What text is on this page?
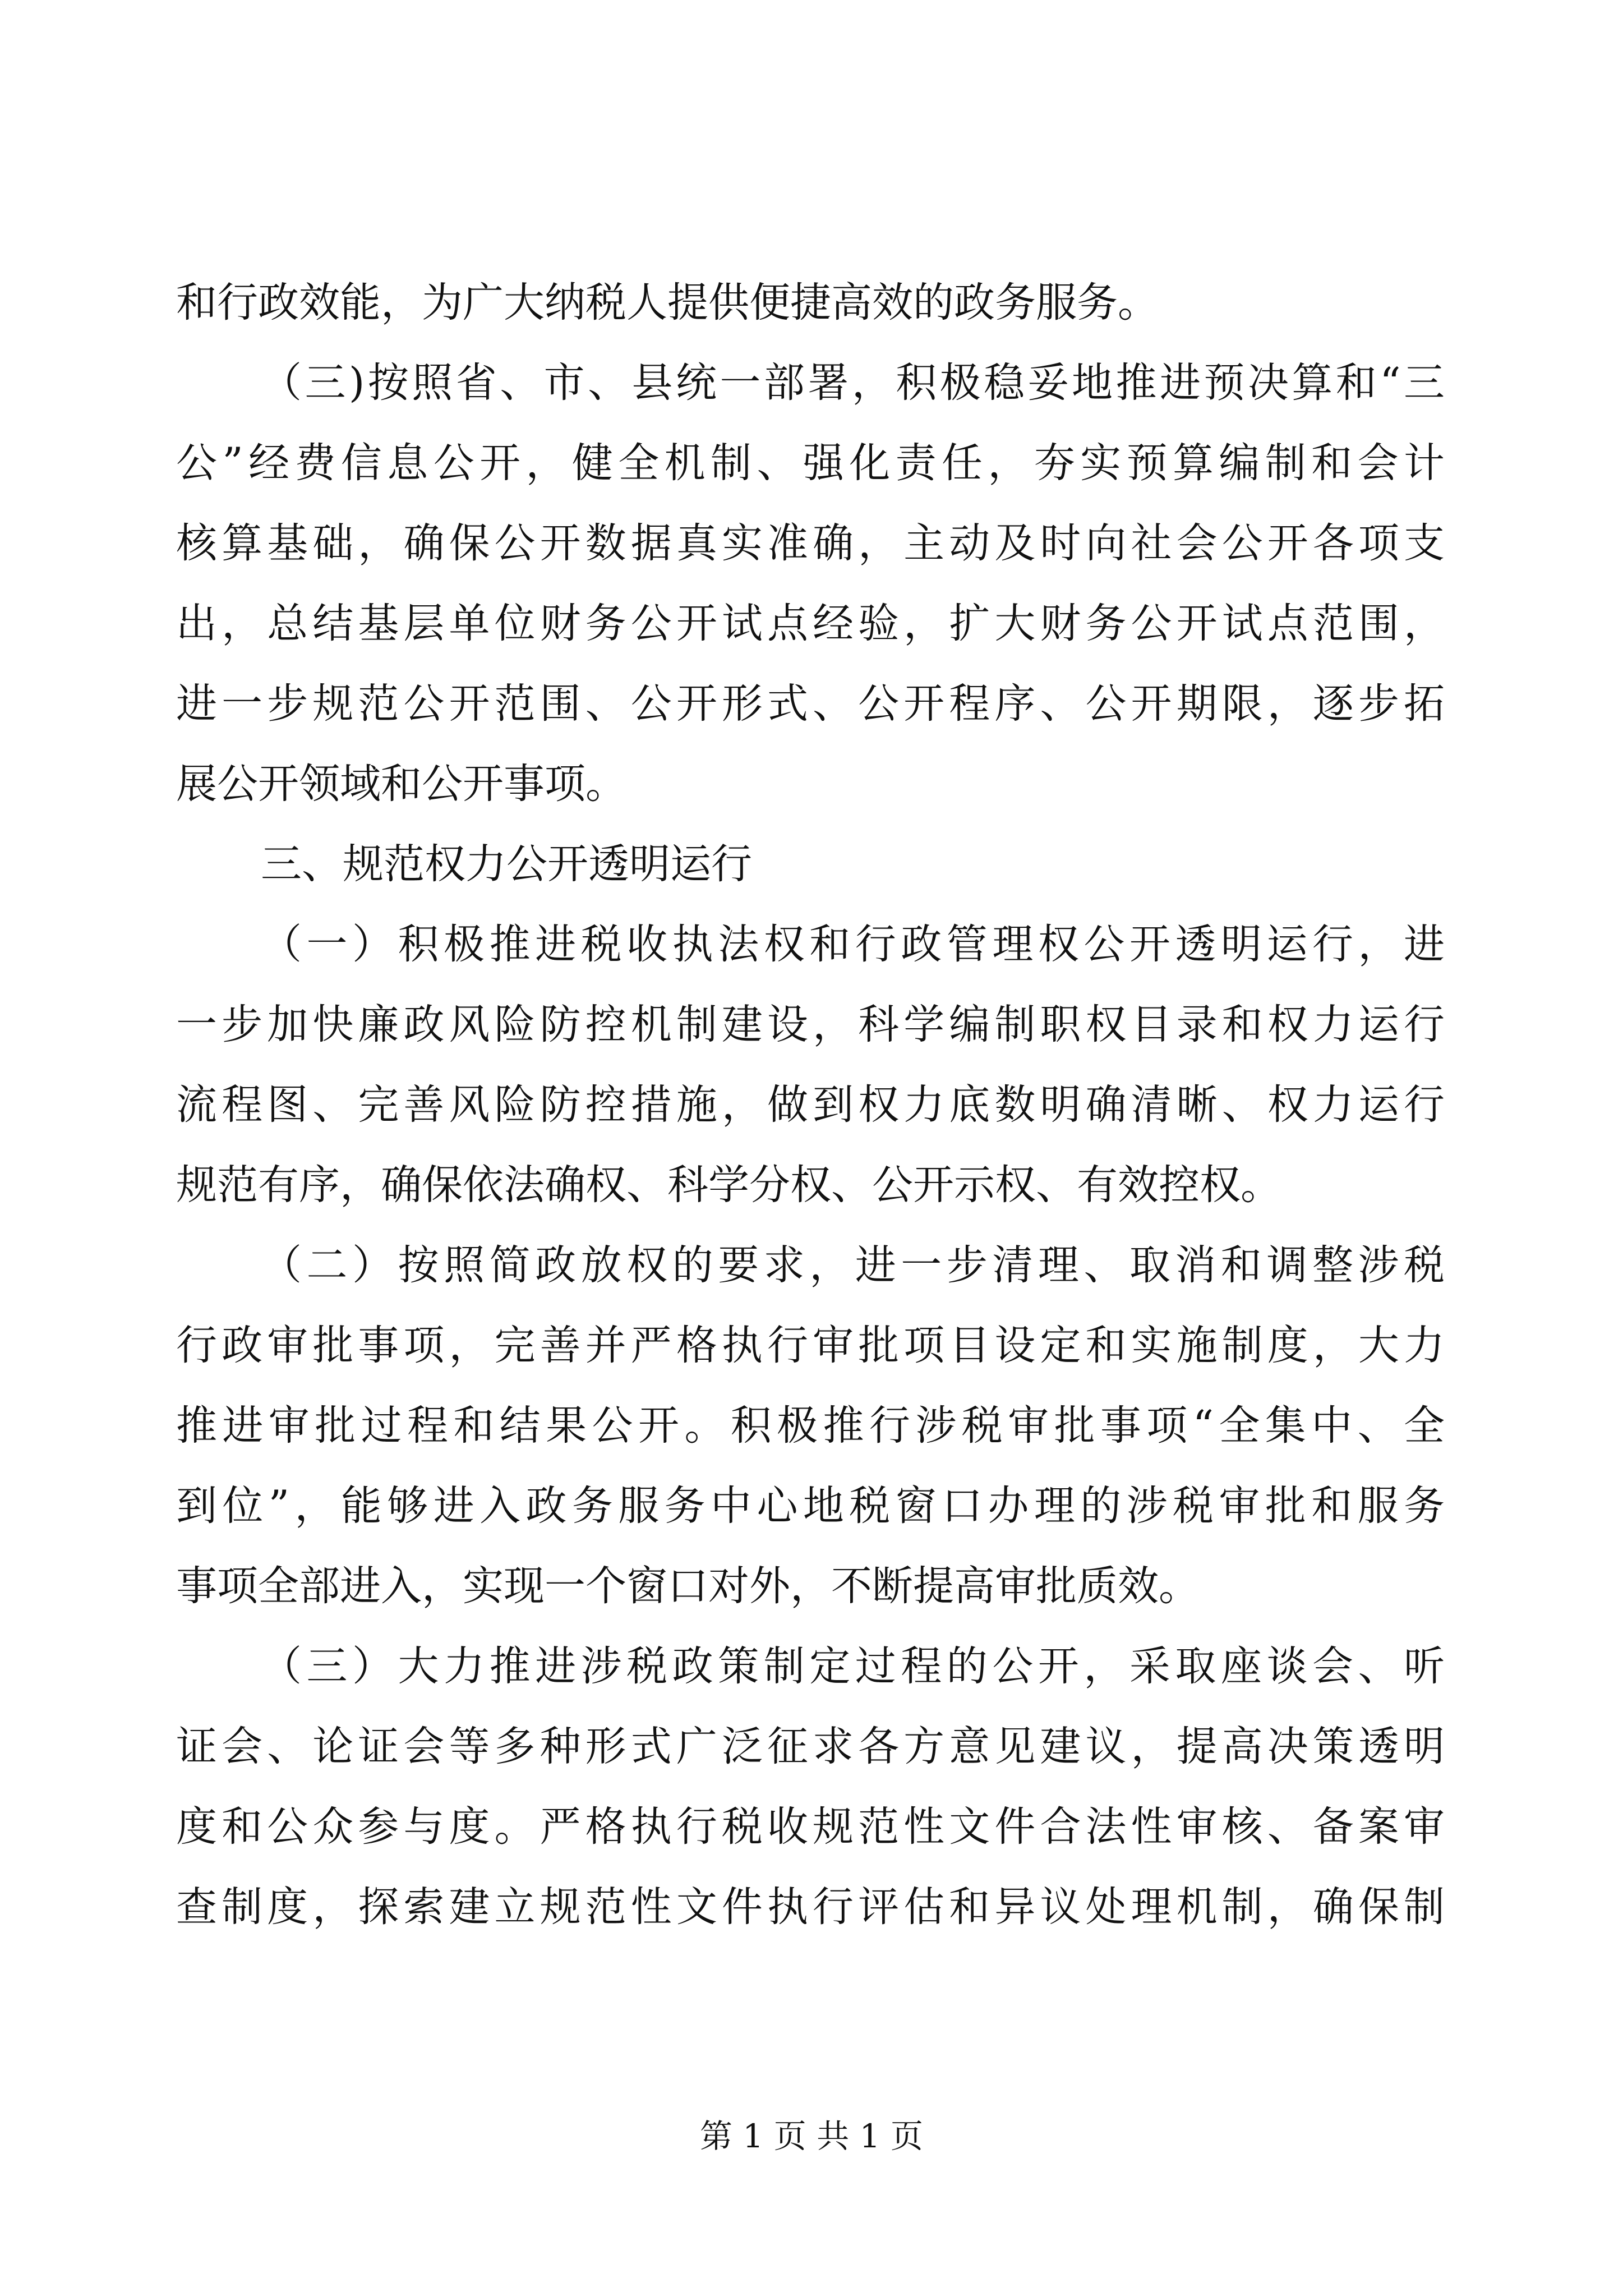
和行政效能，为广大纳税人提供便捷高效的政务服务。
（三)按照省、市、县统一部署，积极稳妥地推进预决算和“三
公”经费信息公开，健全机制、强化责任，夯实预算编制和会计
核算基础，确保公开数据真实准确，主动及时向社会公开各项支
出，总结基层单位财务公开试点经验，扩大财务公开试点范围，
进一步规范公开范围、公开形式、公开程序、公开期限，逐步拓
展公开领域和公开事项。
三、规范权力公开透明运行
（一）积极推进税收执法权和行政管理权公开透明运行，进
一步加快廉政风险防控机制建设，科学编制职权目录和权力运行
流程图、完善风险防控措施，做到权力底数明确清晰、权力运行
规范有序，确保依法确权、科学分权、公开示权、有效控权。
（二）按照简政放权的要求，进一步清理、取消和调整涉税
行政审批事项，完善并严格执行审批项目设定和实施制度，大力
推进审批过程和结果公开。积极推行涉税审批事项“全集中、全
到位”，能够进入政务服务中心地税窗口办理的涉税审批和服务
事项全部进入，实现一个窗口对外，不断提高审批质效。
（三）大力推进涉税政策制定过程的公开，采取座谈会、听
证会、论证会等多种形式广泛征求各方意见建议，提高决策透明
度和公众参与度。严格执行税收规范性文件合法性审核、备案审
查制度，探索建立规范性文件执行评估和异议处理机制，确保制
第 1 页 共 1 页
